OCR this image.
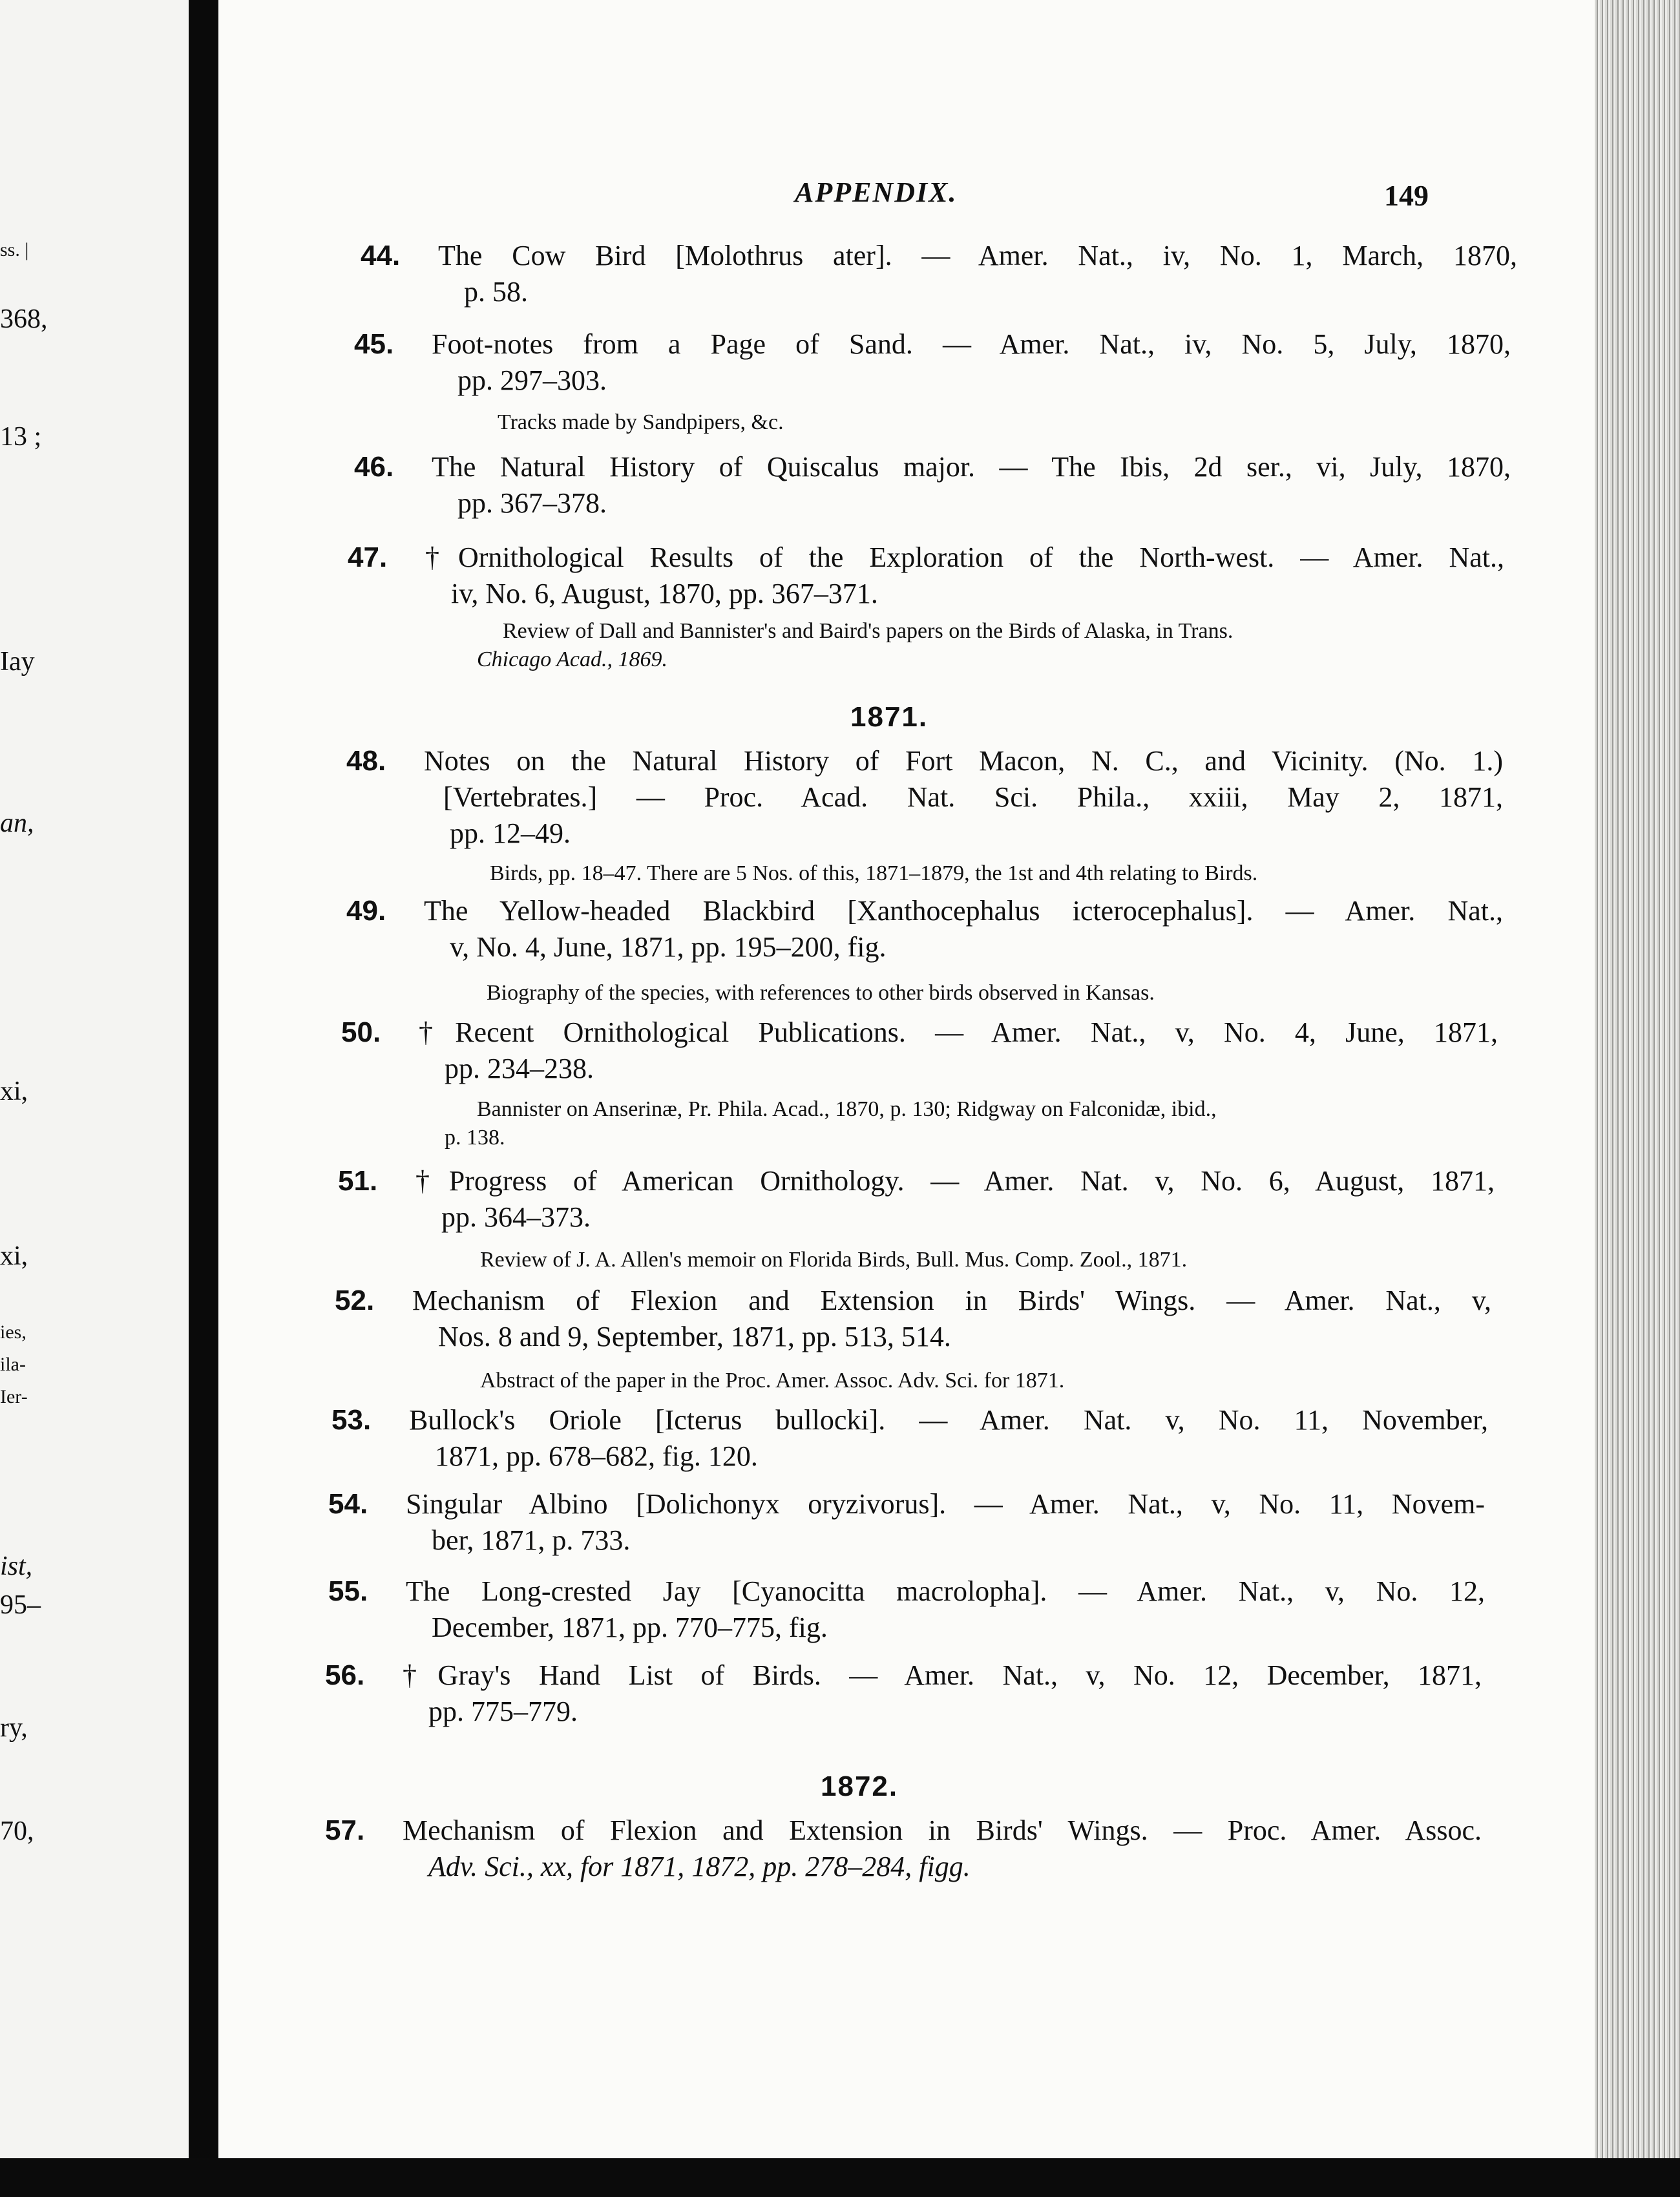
ss. |
368,
13 ;
Iay
an,
xi,
xi,
ies,
ila-
Ier-
ist,
95–
ry,
70,
APPENDIX.	149
44. The Cow Bird [Molothrus ater]. — Amer. Nat., iv, No. 1, March, 1870,
p. 58.
45. Foot-notes from a Page of Sand. — Amer. Nat., iv, No. 5, July, 1870,
pp. 297–303.
Tracks made by Sandpipers, &c.
46. The Natural History of Quiscalus major. — The Ibis, 2d ser., vi, July, 1870,
pp. 367–378.
47. †Ornithological Results of the Exploration of the North-west. — Amer. Nat.,
iv, No. 6, August, 1870, pp. 367–371.
Review of Dall and Bannister's and Baird's papers on the Birds of Alaska, in Trans.
Chicago Acad., 1869.
1871.
48. Notes on the Natural History of Fort Macon, N. C., and Vicinity. (No. 1.)
[Vertebrates.] — Proc. Acad. Nat. Sci. Phila., xxiii, May 2, 1871,
pp. 12–49.
Birds, pp. 18–47. There are 5 Nos. of this, 1871–1879, the 1st and 4th relating to Birds.
49. The Yellow-headed Blackbird [Xanthocephalus icterocephalus]. — Amer. Nat.,
v, No. 4, June, 1871, pp. 195–200, fig.
Biography of the species, with references to other birds observed in Kansas.
50. †Recent Ornithological Publications. — Amer. Nat., v, No. 4, June, 1871,
pp. 234–238.
Bannister on Anserinæ, Pr. Phila. Acad., 1870, p. 130; Ridgway on Falconidæ, ibid.,
p. 138.
51. †Progress of American Ornithology. — Amer. Nat. v, No. 6, August, 1871,
pp. 364–373.
Review of J. A. Allen's memoir on Florida Birds, Bull. Mus. Comp. Zool., 1871.
52. Mechanism of Flexion and Extension in Birds' Wings. — Amer. Nat., v,
Nos. 8 and 9, September, 1871, pp. 513, 514.
Abstract of the paper in the Proc. Amer. Assoc. Adv. Sci. for 1871.
53. Bullock's Oriole [Icterus bullocki]. — Amer. Nat. v, No. 11, November,
1871, pp. 678–682, fig. 120.
54. Singular Albino [Dolichonyx oryzivorus]. — Amer. Nat., v, No. 11, Novem-
ber, 1871, p. 733.
55. The Long-crested Jay [Cyanocitta macrolopha]. — Amer. Nat., v, No. 12,
December, 1871, pp. 770–775, fig.
56. †Gray's Hand List of Birds. — Amer. Nat., v, No. 12, December, 1871,
pp. 775–779.
1872.
57. Mechanism of Flexion and Extension in Birds' Wings. — Proc. Amer. Assoc.
Adv. Sci., xx, for 1871, 1872, pp. 278–284, figg.
